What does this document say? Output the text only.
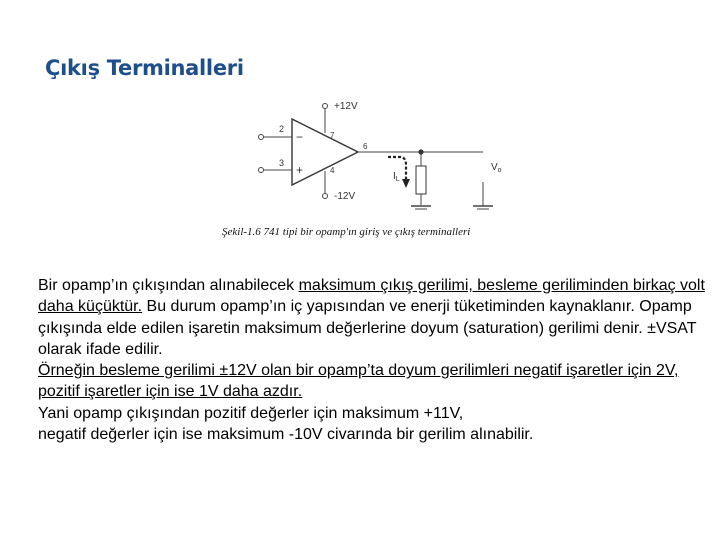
Çıkış Terminalleri
+12V
-12V
2
3
7
4
6
−
+	$I_L$
$V_o$
Şekil-1.6 741 tipi bir opamp'ın giriş ve çıkış terminalleri

Bir opamp’ın çıkışından alınabilecek maksimum çıkış gerilimi, besleme geriliminden birkaç volt daha küçüktür. Bu durum opamp’ın iç yapısından ve enerji tüketiminden kaynaklanır. Opamp çıkışında elde edilen işaretin maksimum değerlerine doyum (saturation) gerilimi denir. ±VSAT olarak ifade edilir.

Örneğin besleme gerilimi ±12V olan bir opamp’ta doyum gerilimleri negatif işaretler için 2V, pozitif işaretler için ise 1V daha azdır.

Yani opamp çıkışından pozitif değerler için maksimum +11V,

negatif değerler için ise maksimum -10V civarında bir gerilim alınabilir.
